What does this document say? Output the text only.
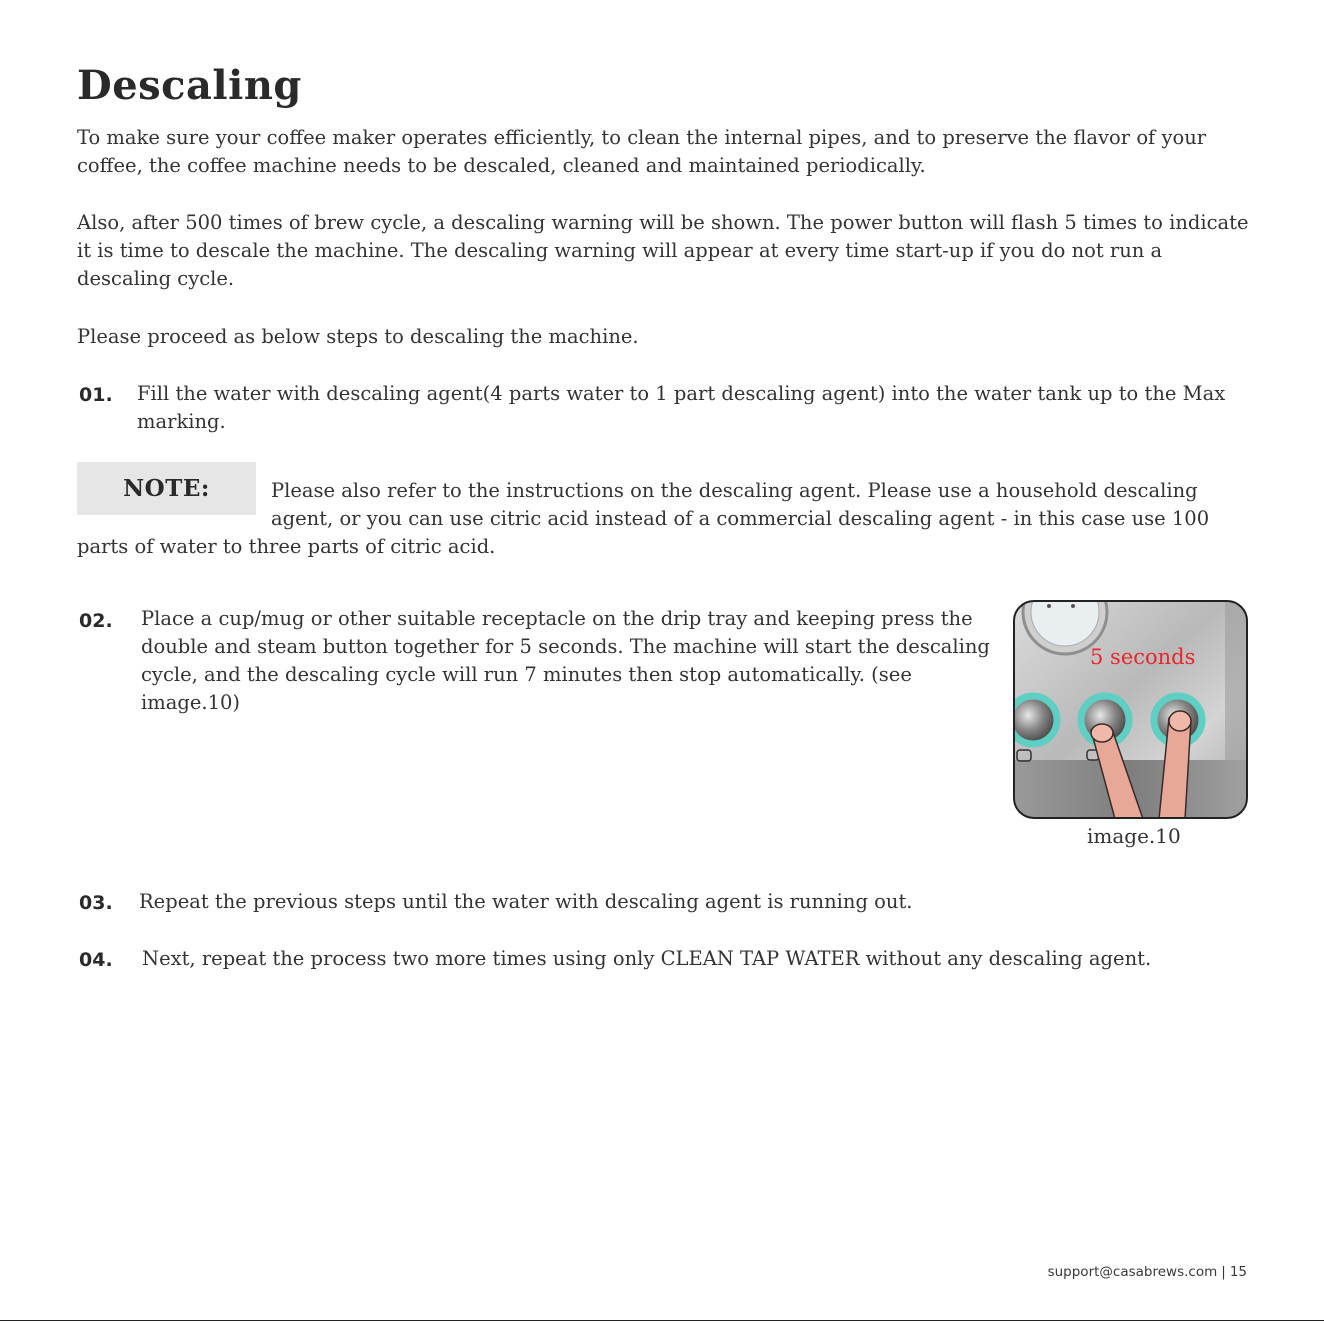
Descaling

To make sure your coffee maker operates efficiently, to clean the internal pipes, and to preserve the flavor of your coffee, the coffee machine needs to be descaled, cleaned and maintained periodically.

Also, after 500 times of brew cycle, a descaling warning will be shown. The power button will flash 5 times to indicate it is time to descale the machine. The descaling warning will appear at every time start-up if you do not run a descaling cycle.

Please proceed as below steps to descaling the machine.

01. Fill the water with descaling agent(4 parts water to 1 part descaling agent) into the water tank up to the Max marking.

NOTE:	Please also refer to the instructions on the descaling agent. Please use a household descaling

agent, or you can use citric acid instead of a commercial descaling agent - in this case use 100

parts of water to three parts of citric acid.

02. Place a cup/mug or other suitable receptacle on the drip tray and keeping press the double and steam button together for 5 seconds. The machine will start the descaling cycle, and the descaling cycle will run 7 minutes then stop automatically. (see image.10)

5 seconds
image.10
03. Repeat the previous steps until the water with descaling agent is running out.

04. Next, repeat the process two more times using only CLEAN TAP WATER without any descaling agent.

support@casabrews.com | 15
